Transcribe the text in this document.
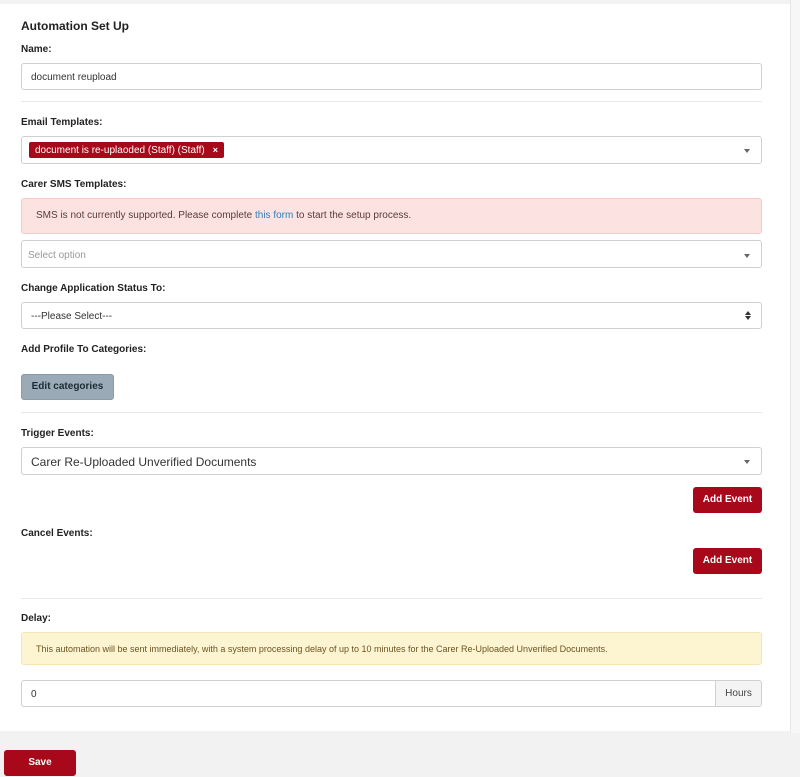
Automation Set Up
Name:
document reupload
Email Templates:
document is re-uplaoded (Staff) (Staff) ×
Carer SMS Templates:
SMS is not currently supported. Please complete this form to start the setup process.
Select option
Change Application Status To:
---Please Select---
Add Profile To Categories:
Edit categories
Trigger Events:
Carer Re-Uploaded Unverified Documents
Add Event
Cancel Events:
Add Event
Delay:
This automation will be sent immediately, with a system processing delay of up to 10 minutes for the Carer Re-Uploaded Unverified Documents.
0	Hours
Save
